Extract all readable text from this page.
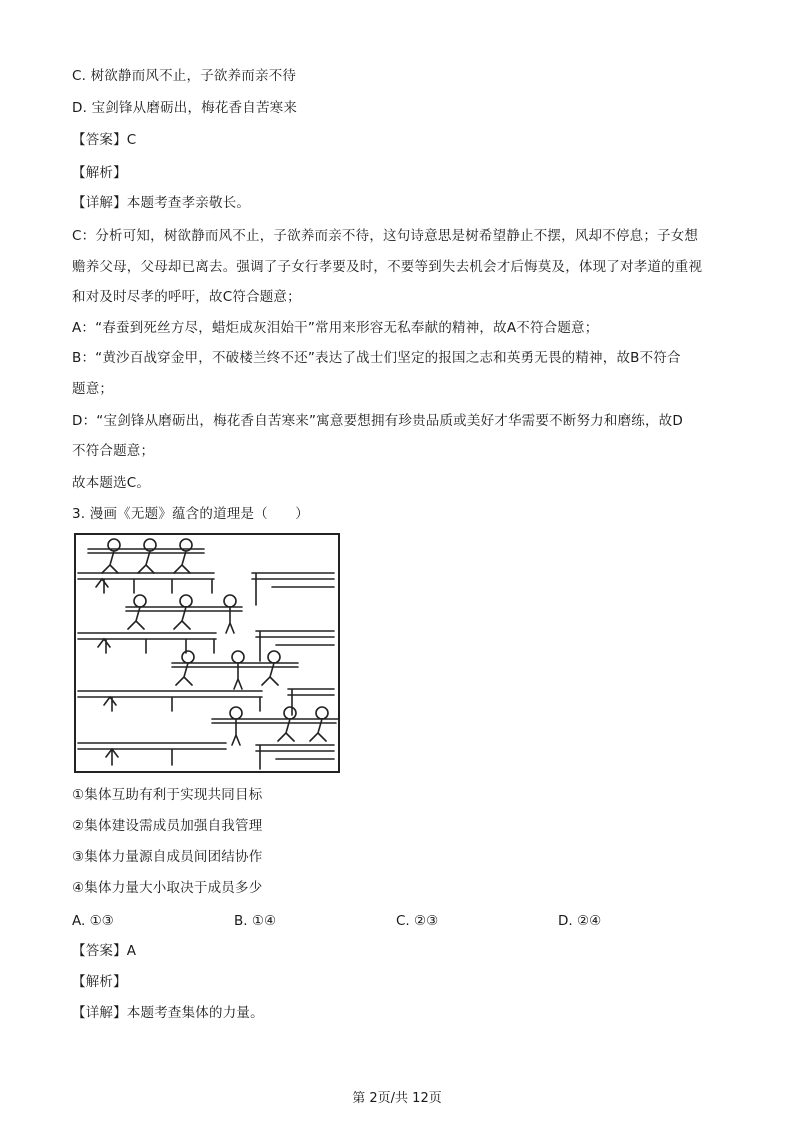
C. 树欲静而风不止，子欲养而亲不待
D. 宝剑锋从磨砺出，梅花香自苦寒来
【答案】C
【解析】
【详解】本题考查孝亲敬长。
C：分析可知，树欲静而风不止，子欲养而亲不待，这句诗意思是树希望静止不摆，风却不停息；子女想
赡养父母，父母却已离去。强调了子女行孝要及时，不要等到失去机会才后悔莫及，体现了对孝道的重视
和对及时尽孝的呼吁，故C符合题意；
A：“春蚕到死丝方尽，蜡炬成灰泪始干”常用来形容无私奉献的精神，故A不符合题意；
B：“黄沙百战穿金甲，不破楼兰终不还”表达了战士们坚定的报国之志和英勇无畏的精神，故B不符合
题意；
D：“宝剑锋从磨砺出，梅花香自苦寒来”寓意要想拥有珍贵品质或美好才华需要不断努力和磨练，故D
不符合题意；
故本题选C。
3. 漫画《无题》蕴含的道理是（　　）
①集体互助有利于实现共同目标
②集体建设需成员加强自我管理
③集体力量源自成员间团结协作
④集体力量大小取决于成员多少
A. ①③	B. ①④	C. ②③	D. ②④
【答案】A
【解析】
【详解】本题考查集体的力量。
第 2页/共 12页
